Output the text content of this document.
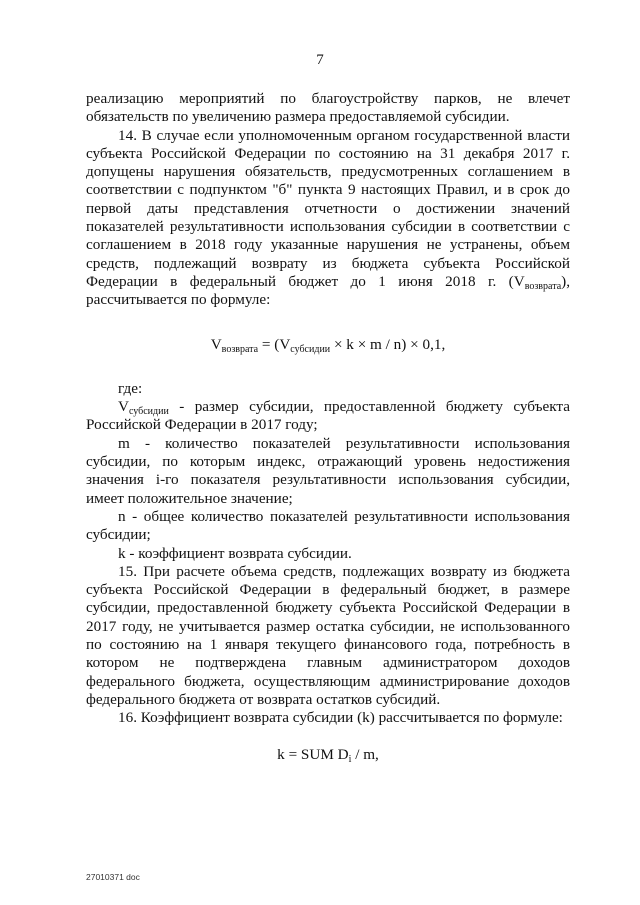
7

реализацию мероприятий по благоустройству парков, не влечет обязательств по увеличению размера предоставляемой субсидии.

14. В случае если уполномоченным органом государственной власти субъекта Российской Федерации по состоянию на 31 декабря 2017 г. допущены нарушения обязательств, предусмотренных соглашением в соответствии с подпунктом "б" пункта 9 настоящих Правил, и в срок до первой даты представления отчетности о достижении значений показателей результативности использования субсидии в соответствии с соглашением в 2018 году указанные нарушения не устранены, объем средств, подлежащий возврату из бюджета субъекта Российской Федерации в федеральный бюджет до 1 июня 2018 г. $(V_{возврата})$, рассчитывается по формуле:

$V_{возврата} = (V_{субсидии} \times k \times m / n) \times 0,1$,

где:

$V_{субсидии}$ - размер субсидии, предоставленной бюджету субъекта Российской Федерации в 2017 году;

m - количество показателей результативности использования субсидии, по которым индекс, отражающий уровень недостижения значения i-го показателя результативности использования субсидии, имеет положительное значение;

n - общее количество показателей результативности использования субсидии;

k - коэффициент возврата субсидии.

15. При расчете объема средств, подлежащих возврату из бюджета субъекта Российской Федерации в федеральный бюджет, в размере субсидии, предоставленной бюджету субъекта Российской Федерации в 2017 году, не учитывается размер остатка субсидии, не использованного по состоянию на 1 января текущего финансового года, потребность в котором не подтверждена главным администратором доходов федерального бюджета, осуществляющим администрирование доходов федерального бюджета от возврата остатков субсидий.

16. Коэффициент возврата субсидии (k) рассчитывается по формуле:

k = SUM $D_i$ / m,

27010371 doc
